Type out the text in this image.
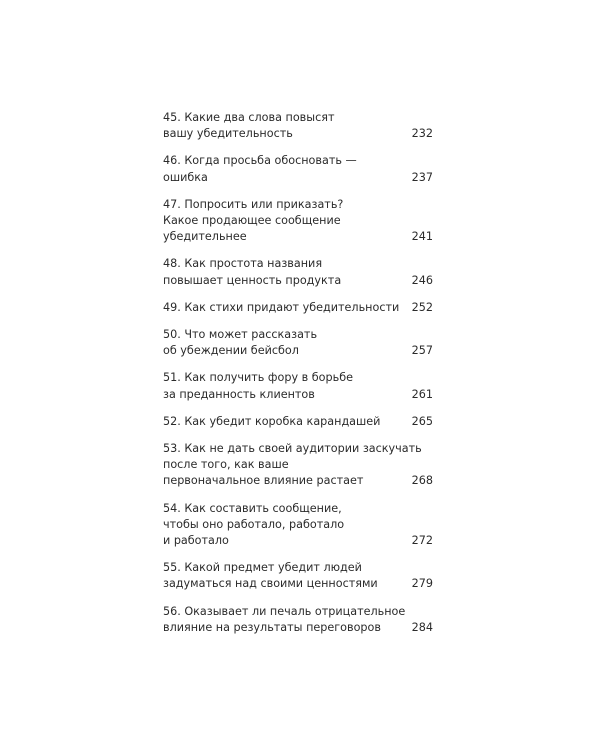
45. Какие два слова повысят
вашу убедительность	232
46. Когда просьба обосновать —
ошибка	237
47. Попросить или приказать?
Какое продающее сообщение
убедительнее	241
48. Как простота названия
повышает ценность продукта	246
49. Как стихи придают убедительности	252
50. Что может рассказать
об убеждении бейсбол	257
51. Как получить фору в борьбе
за преданность клиентов	261
52. Как убедит коробка карандашей	265
53. Как не дать своей аудитории заскучать
после того, как ваше
первоначальное влияние растает	268
54. Как составить сообщение,
чтобы оно работало, работало
и работало	272
55. Какой предмет убедит людей
задуматься над своими ценностями	279
56. Оказывает ли печаль отрицательное
влияние на результаты переговоров	284
